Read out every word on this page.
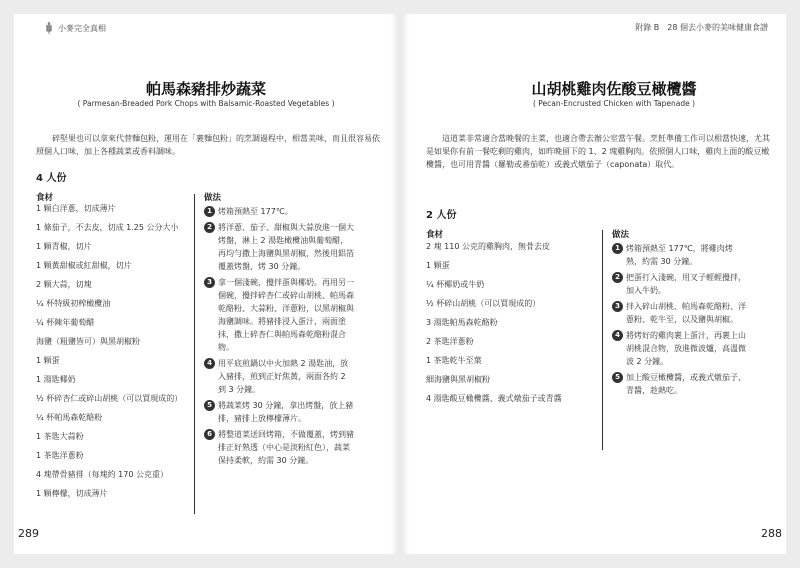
小麥完全真相
帕馬森豬排炒蔬菜
( Parmesan-Breaded Pork Chops with Balsamic-Roasted Vegetables )
碎堅果也可以拿來代替麵包粉，運用在「裹麵包粉」的烹調過程中，相當美味，而且很容易依照個人口味，加上各種蔬菜或香料調味。
4 人份
食材
1 顆白洋蔥，切成薄片
1 條茄子，不去皮，切成 1.25 公分大小
1 顆青椒，切片
1 顆黃甜椒或紅甜椒，切片
2 顆大蒜，切塊
¼ 杯特級初榨橄欖油
¼ 杯陳年葡萄醋
海鹽（粗鹽皆可）與黑胡椒粉
1 顆蛋
1 湯匙椰奶
½ 杯碎杏仁或碎山胡桃（可以買現成的）
¼ 杯帕馬森乾酪粉
1 茶匙大蒜粉
1 茶匙洋蔥粉
4 塊帶骨豬排（每塊約 170 公克重）
1 顆檸檬，切成薄片
做法
1 烤箱預熱至 177℃。
2 將洋蔥、茄子、甜椒與大蒜放進一個大烤盤，淋上 2 湯匙橄欖油與葡萄醋，再均勻撒上海鹽與黑胡椒，然後用鋁箔覆蓋烤盤，烤 30 分鐘。
3 拿一個淺碗，攪拌蛋與椰奶。再用另一個碗，攪拌碎杏仁或碎山胡桃、帕馬森乾酪粉、大蒜粉、洋蔥粉，以黑胡椒與海鹽調味。將豬排浸入蛋汁，兩面塗抹，撒上碎杏仁與帕馬森乾酪粉混合物。
4 用平底煎鍋以中火加熱 2 湯匙油，放入豬排，煎到正好焦黃，兩面各約 2 到 3 分鐘。
5 將蔬菜烤 30 分鐘，拿出烤盤，放上豬排，豬排上放檸檬薄片。
6 將整道菜送回烤箱，不做覆蓋，烤到豬排正好熟透（中心是淡粉紅色），蔬菜保持柔軟，約需 30 分鐘。
289
附錄 B　28 個去小麥的美味健康食譜
山胡桃雞肉佐酸豆橄欖醬
( Pecan-Encrusted Chicken with Tapenade )
這道菜非常適合當晚餐的主菜，也適合帶去辦公室當午餐。烹飪準備工作可以相當快速，尤其是如果你有前一餐吃剩的雞肉，如昨晚留下的 1、2 塊雞胸肉。依照個人口味，雞肉上面的酸豆橄欖醬，也可用青醬（羅勒或番茄乾）或義式燉茄子（caponata）取代。
2 人份
食材
2 塊 110 公克的雞胸肉，無骨去皮
1 顆蛋
¼ 杯椰奶或牛奶
½ 杯碎山胡桃（可以買現成的）
3 湯匙帕馬森乾酪粉
2 茶匙洋蔥粉
1 茶匙乾牛至葉
細海鹽與黑胡椒粉
4 湯匙酸豆橄欖醬、義式燉茄子或青醬
做法
1 烤箱預熱至 177℃，將雞肉烤熟，約需 30 分鐘。
2 把蛋打入淺碗，用叉子輕輕攪拌，加入牛奶。
3 拌入碎山胡桃、帕馬森乾酪粉、洋蔥粉、乾牛至，以及鹽與胡椒。
4 將烤好的雞肉裹上蛋汁，再裹上山胡桃混合物，放進微波爐，高溫微波 2 分鐘。
5 加上酸豆橄欖醬，或義式燉茄子、青醬，趁熱吃。
288
